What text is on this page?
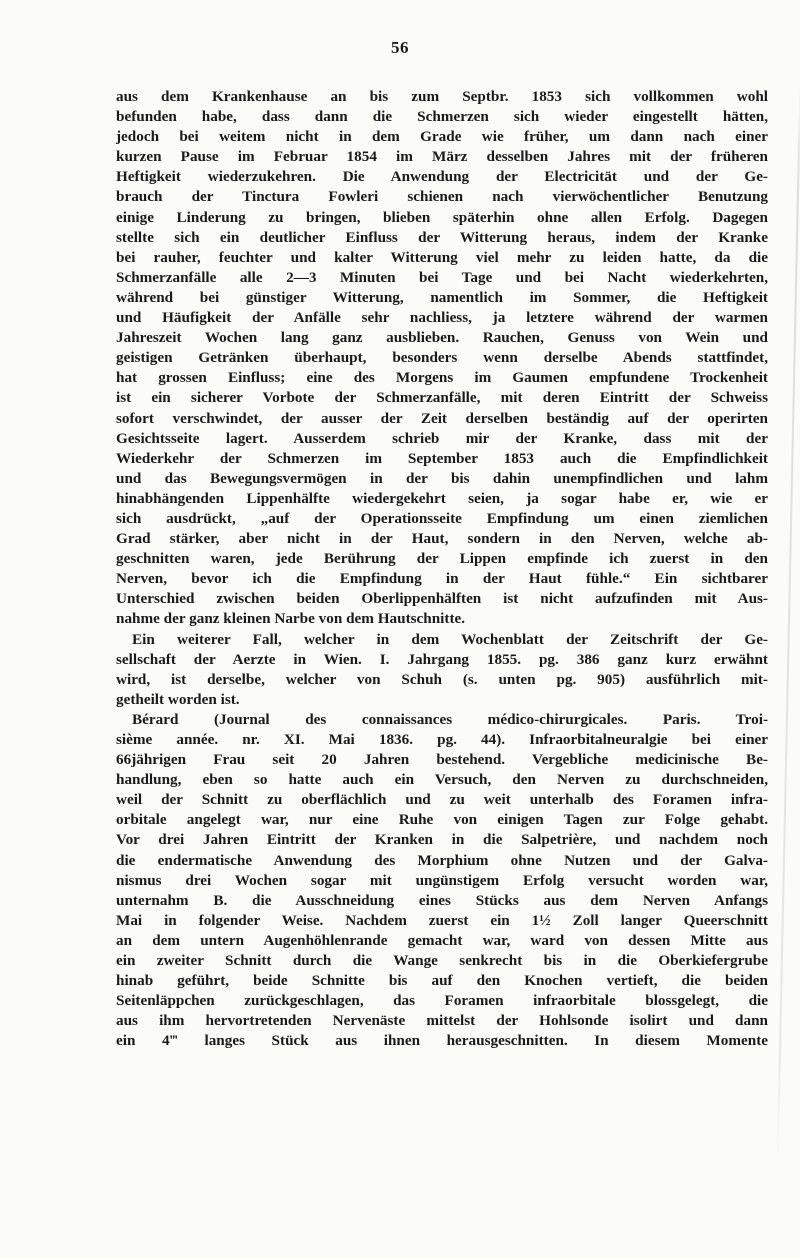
56
aus dem Krankenhause an bis zum Septbr. 1853 sich vollkommen wohl
befunden habe, dass dann die Schmerzen sich wieder eingestellt hätten,
jedoch bei weitem nicht in dem Grade wie früher, um dann nach einer
kurzen Pause im Februar 1854 im März desselben Jahres mit der früheren
Heftigkeit wiederzukehren. Die Anwendung der Electricität und der Ge-
brauch der Tinctura Fowleri schienen nach vierwöchentlicher Benutzung
einige Linderung zu bringen, blieben späterhin ohne allen Erfolg. Dagegen
stellte sich ein deutlicher Einfluss der Witterung heraus, indem der Kranke
bei rauher, feuchter und kalter Witterung viel mehr zu leiden hatte, da die
Schmerzanfälle alle 2—3 Minuten bei Tage und bei Nacht wiederkehrten,
während bei günstiger Witterung, namentlich im Sommer, die Heftigkeit
und Häufigkeit der Anfälle sehr nachliess, ja letztere während der warmen
Jahreszeit Wochen lang ganz ausblieben. Rauchen, Genuss von Wein und
geistigen Getränken überhaupt, besonders wenn derselbe Abends stattfindet,
hat grossen Einfluss; eine des Morgens im Gaumen empfundene Trockenheit
ist ein sicherer Vorbote der Schmerzanfälle, mit deren Eintritt der Schweiss
sofort verschwindet, der ausser der Zeit derselben beständig auf der operirten
Gesichtsseite lagert. Ausserdem schrieb mir der Kranke, dass mit der
Wiederkehr der Schmerzen im September 1853 auch die Empfindlichkeit
und das Bewegungsvermögen in der bis dahin unempfindlichen und lahm
hinabhängenden Lippenhälfte wiedergekehrt seien, ja sogar habe er, wie er
sich ausdrückt, „auf der Operationsseite Empfindung um einen ziemlichen
Grad stärker, aber nicht in der Haut, sondern in den Nerven, welche ab-
geschnitten waren, jede Berührung der Lippen empfinde ich zuerst in den
Nerven, bevor ich die Empfindung in der Haut fühle.“ Ein sichtbarer
Unterschied zwischen beiden Oberlippenhälften ist nicht aufzufinden mit Aus-
nahme der ganz kleinen Narbe von dem Hautschnitte.
Ein weiterer Fall, welcher in dem Wochenblatt der Zeitschrift der Ge-
sellschaft der Aerzte in Wien. I. Jahrgang 1855. pg. 386 ganz kurz erwähnt
wird, ist derselbe, welcher von Schuh (s. unten pg. 905) ausführlich mit-
getheilt worden ist.
Bérard (Journal des connaissances médico-chirurgicales. Paris. Troi-
sième année. nr. XI. Mai 1836. pg. 44). Infraorbitalneuralgie bei einer
66jährigen Frau seit 20 Jahren bestehend. Vergebliche medicinische Be-
handlung, eben so hatte auch ein Versuch, den Nerven zu durchschneiden,
weil der Schnitt zu oberflächlich und zu weit unterhalb des Foramen infra-
orbitale angelegt war, nur eine Ruhe von einigen Tagen zur Folge gehabt.
Vor drei Jahren Eintritt der Kranken in die Salpetrière, und nachdem noch
die endermatische Anwendung des Morphium ohne Nutzen und der Galva-
nismus drei Wochen sogar mit ungünstigem Erfolg versucht worden war,
unternahm B. die Ausschneidung eines Stücks aus dem Nerven Anfangs
Mai in folgender Weise. Nachdem zuerst ein 1½ Zoll langer Queerschnitt
an dem untern Augenhöhlenrande gemacht war, ward von dessen Mitte aus
ein zweiter Schnitt durch die Wange senkrecht bis in die Oberkiefergrube
hinab geführt, beide Schnitte bis auf den Knochen vertieft, die beiden
Seitenläppchen zurückgeschlagen, das Foramen infraorbitale blossgelegt, die
aus ihm hervortretenden Nervenäste mittelst der Hohlsonde isolirt und dann
ein 4‴ langes Stück aus ihnen herausgeschnitten. In diesem Momente
